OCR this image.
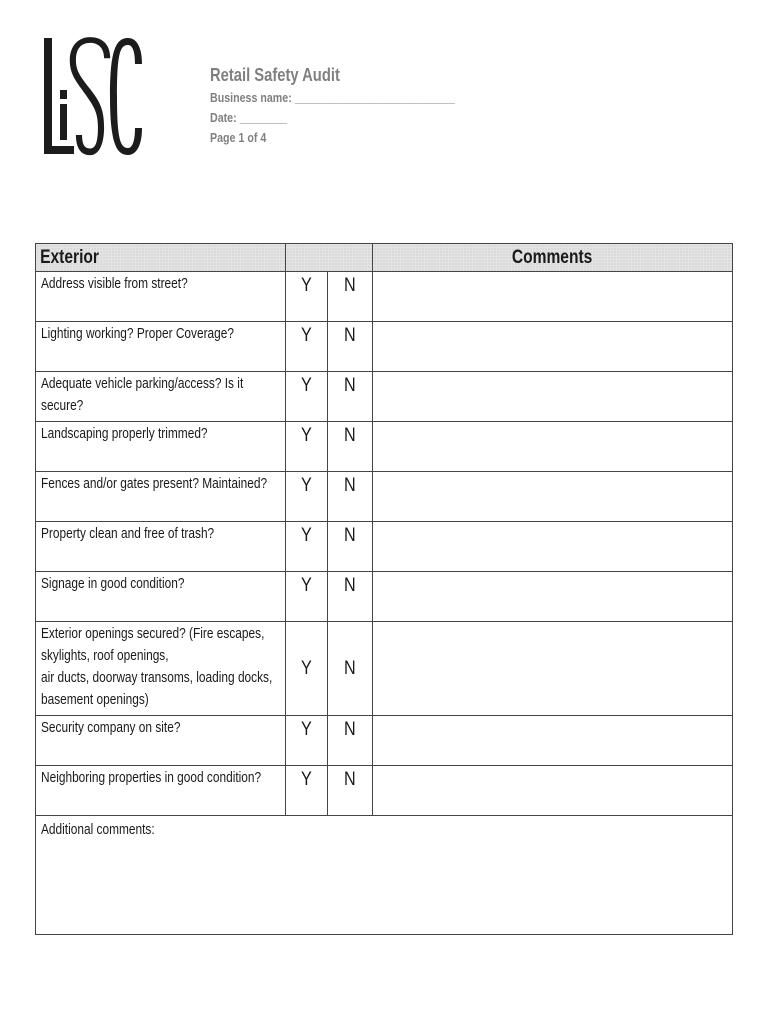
Retail Safety Audit

Business name: ___________________________

Date: ________

Page 1 of 4

Exterior			Comments

Address visible from street?	Y	N	

Lighting working? Proper Coverage?	Y	N	

Adequate vehicle parking/access? Is it secure?	Y	N	

Landscaping properly trimmed?	Y	N	

Fences and/or gates present? Maintained?	Y	N	

Property clean and free of trash?	Y	N	

Signage in good condition?	Y	N	

Exterior openings secured? (Fire escapes, skylights, roof openings,
air ducts, doorway transoms, loading docks, basement openings)	Y	N	

Security company on site?	Y	N	

Neighboring properties in good condition?	Y	N	
Additional comments:			
